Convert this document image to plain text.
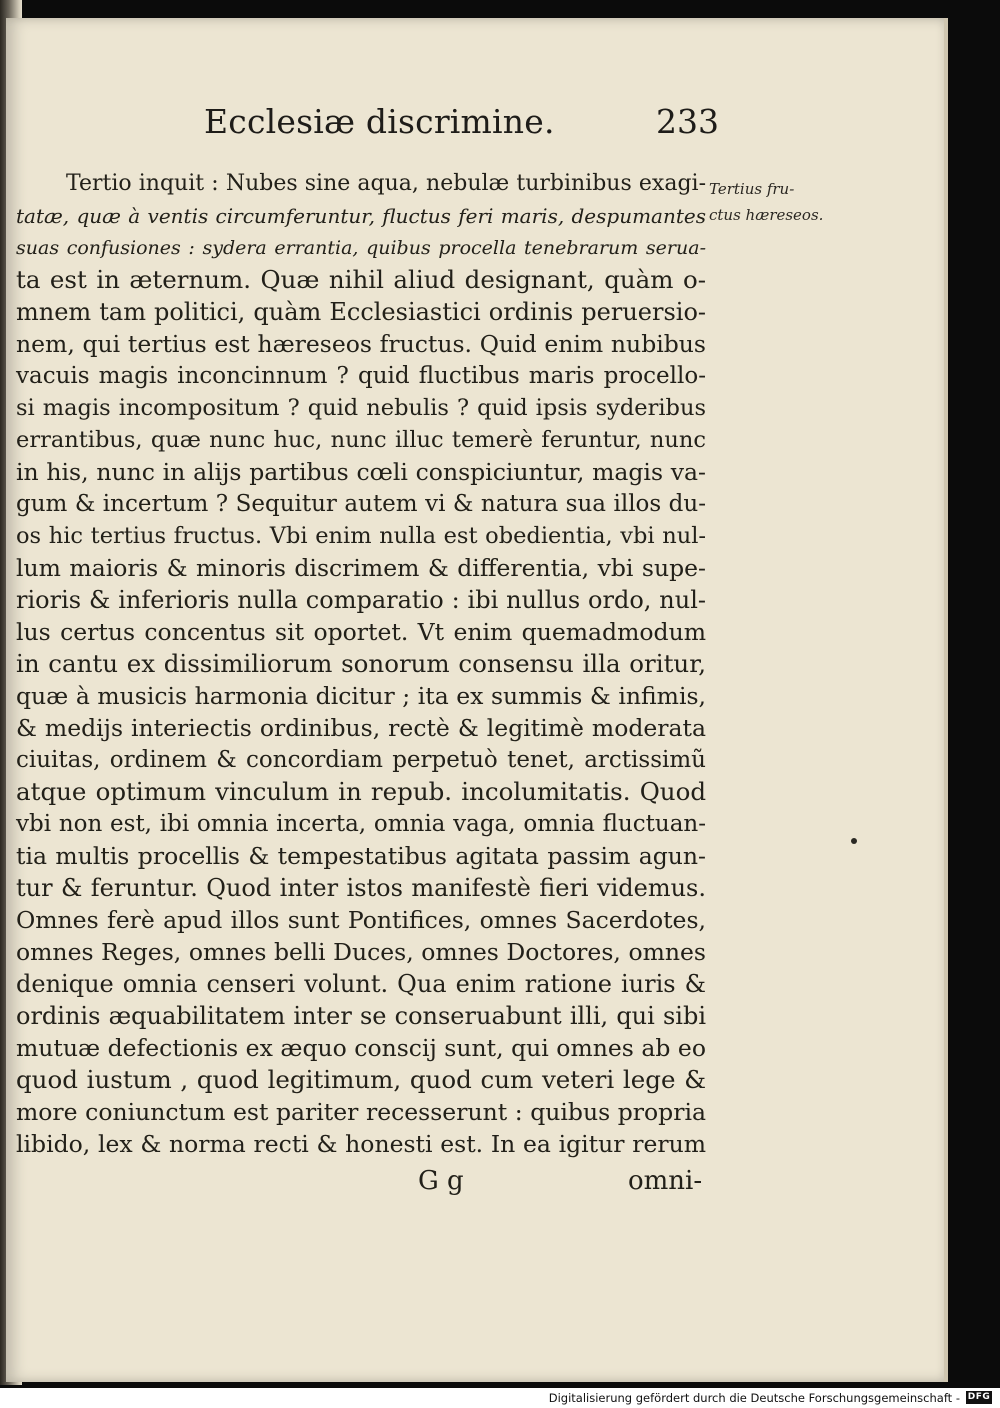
Ecclesiæ discrimine.	233
Tertio inquit : Nubes sine aqua, nebulæ turbinibus exagi-
tatæ, quæ à ventis circumferuntur, fluctus feri maris, despumantes
suas confusiones : sydera errantia, quibus procella tenebrarum serua-
ta est in æternum. Quæ nihil aliud designant, quàm o-
mnem tam politici, quàm Ecclesiastici ordinis peruersio-
nem, qui tertius est hæreseos fructus. Quid enim nubibus
vacuis magis inconcinnum ? quid fluctibus maris procello-
si magis incompositum ? quid nebulis ? quid ipsis syderibus
errantibus, quæ nunc huc, nunc illuc temerè feruntur, nunc
in his, nunc in alijs partibus cœli conspiciuntur, magis va-
gum & incertum ? Sequitur autem vi & natura sua illos du-
os hic tertius fructus. Vbi enim nulla est obedientia, vbi nul-
lum maioris & minoris discrimem & differentia, vbi supe-
rioris & inferioris nulla comparatio : ibi nullus ordo, nul-
lus certus concentus sit oportet. Vt enim quemadmodum
in cantu ex dissimiliorum sonorum consensu illa oritur,
quæ à musicis harmonia dicitur ; ita ex summis & infimis,
& medijs interiectis ordinibus, rectè & legitimè moderata
ciuitas, ordinem & concordiam perpetuò tenet, arctissimũ
atque optimum vinculum in repub. incolumitatis. Quod
vbi non est, ibi omnia incerta, omnia vaga, omnia fluctuan-
tia multis procellis & tempestatibus agitata passim agun-
tur & feruntur. Quod inter istos manifestè fieri videmus.
Omnes ferè apud illos sunt Pontifices, omnes Sacerdotes,
omnes Reges, omnes belli Duces, omnes Doctores, omnes
denique omnia censeri volunt. Qua enim ratione iuris &
ordinis æquabilitatem inter se conseruabunt illi, qui sibi
mutuæ defectionis ex æquo conscij sunt, qui omnes ab eo
quod iustum , quod legitimum, quod cum veteri lege &
more coniunctum est pariter recesserunt : quibus propria
libido, lex & norma recti & honesti est. In ea igitur rerum
Tertius fru-
ctus hæreseos.
G g	omni-
Digitalisierung gefördert durch die Deutsche Forschungsgemeinschaft - DFG
